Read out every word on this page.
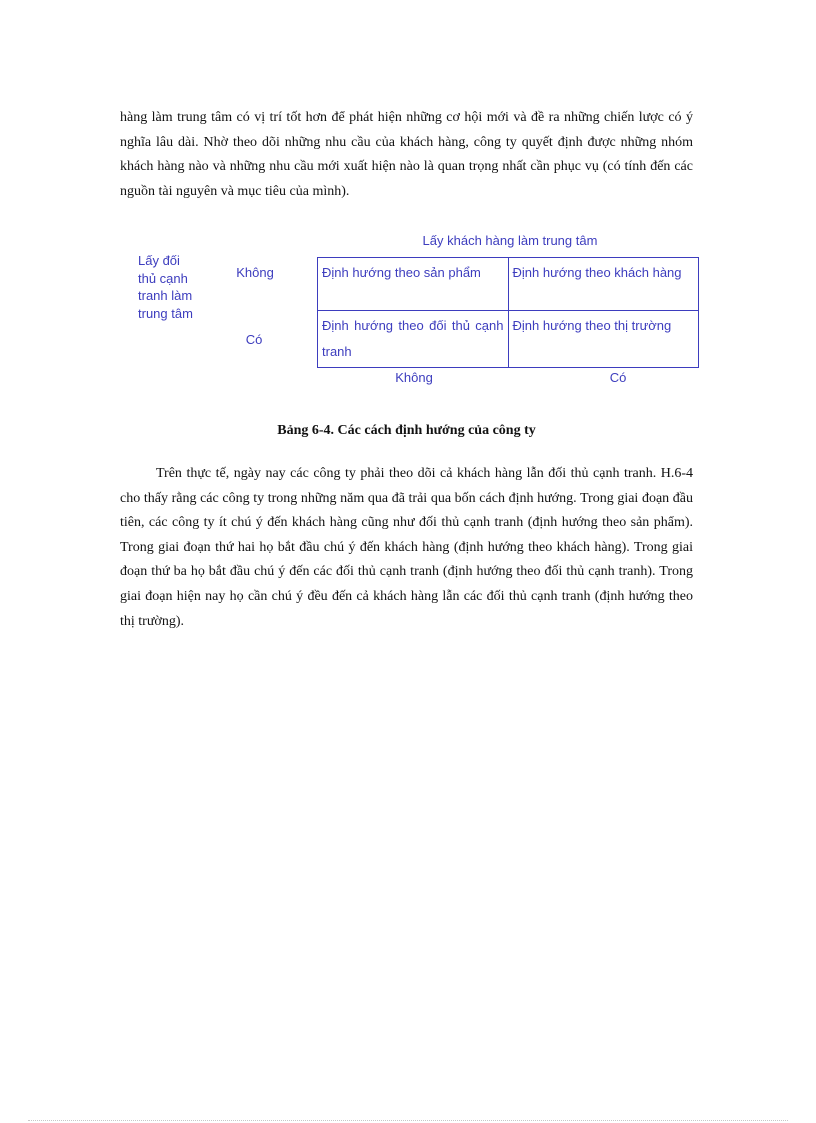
hàng làm trung tâm có vị trí tốt hơn để phát hiện những cơ hội mới và đề ra những chiến lược có ý nghĩa lâu dài. Nhờ theo dõi những nhu cầu của khách hàng, công ty quyết định được những nhóm khách hàng nào và những nhu cầu mới xuất hiện nào là quan trọng nhất cần phục vụ (có tính đến các nguồn tài nguyên và mục tiêu của mình).

Lấy khách hàng làm trung tâm
Lấy đối thủ cạnh tranh làm trung tâm
Không
Có
Định hướng theo sản phẩm	Định hướng theo khách hàng
Định hướng theo đối thủ cạnh tranh	Định hướng theo thị trường
Không	Có
Bảng 6-4. Các cách định hướng của công ty

Trên thực tế, ngày nay các công ty phải theo dõi cả khách hàng lẫn đối thủ cạnh tranh. H.6-4 cho thấy rằng các công ty trong những năm qua đã trải qua bốn cách định hướng. Trong giai đoạn đầu tiên, các công ty ít chú ý đến khách hàng cũng như đối thủ cạnh tranh (định hướng theo sản phẩm). Trong giai đoạn thứ hai họ bắt đầu chú ý đến khách hàng (định hướng theo khách hàng). Trong giai đoạn thứ ba họ bắt đầu chú ý đến các đối thủ cạnh tranh (định hướng theo đối thủ cạnh tranh). Trong giai đoạn hiện nay họ cần chú ý đều đến cả khách hàng lẫn các đối thủ cạnh tranh (định hướng theo thị trường).
